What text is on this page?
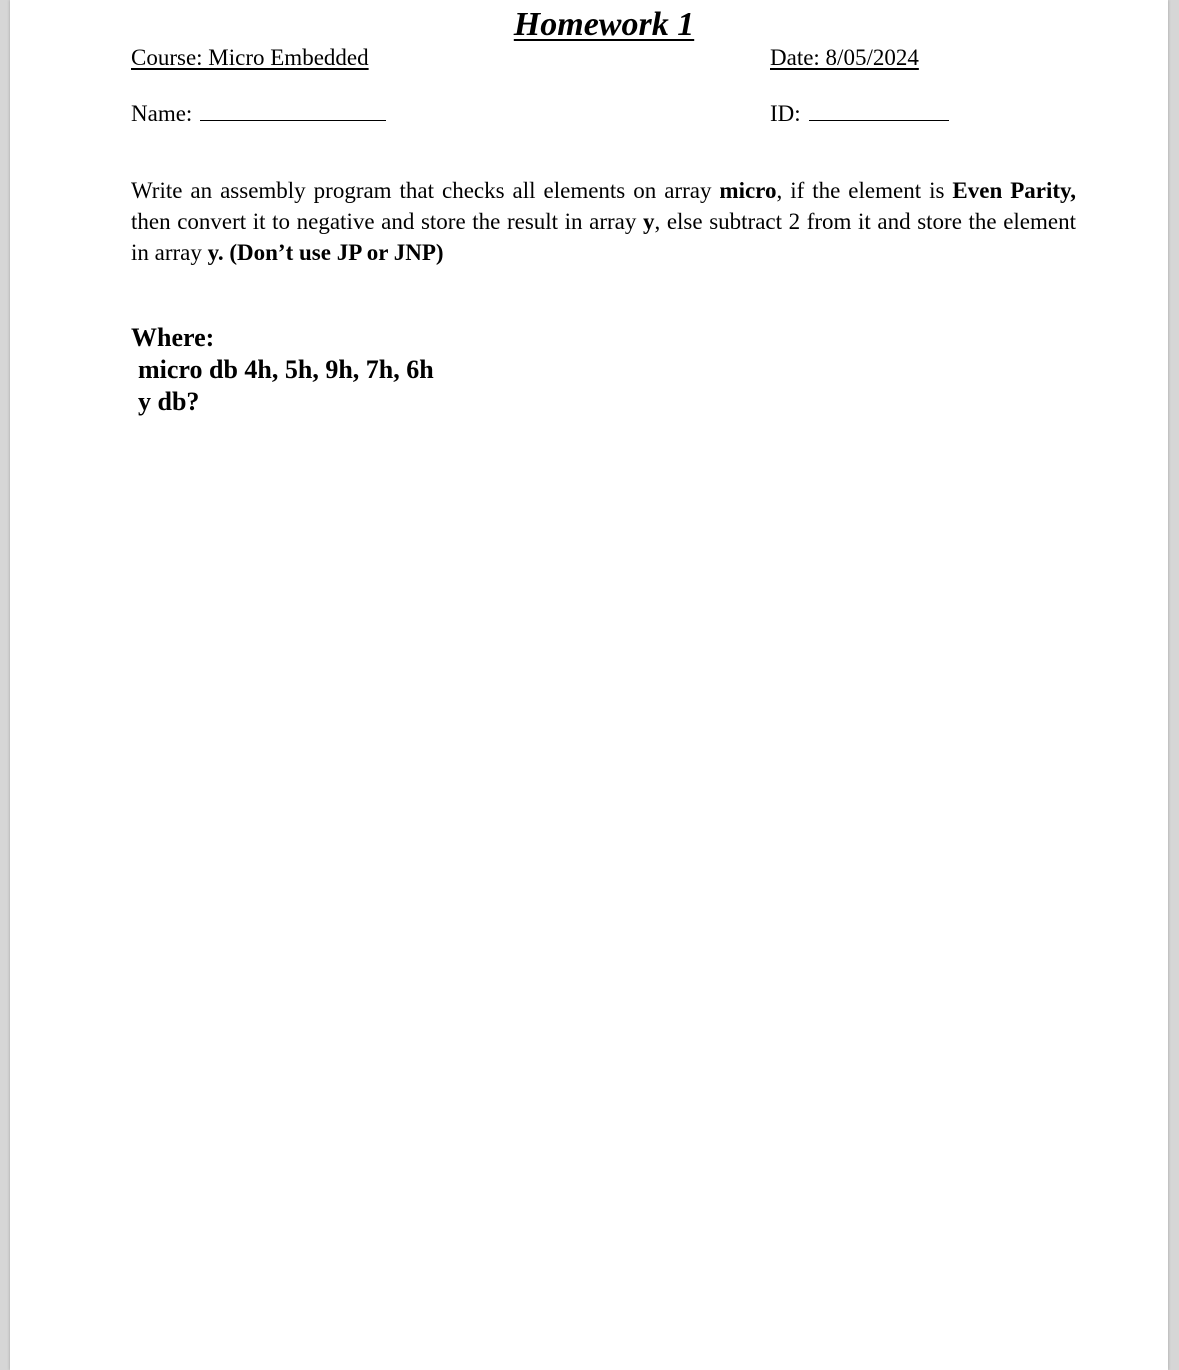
Homework 1
Course: Micro Embedded	Date: 8/05/2024
Name:	ID:

Write an assembly program that checks all elements on array micro, if the element is Even Parity, then convert it to negative and store the result in array y, else subtract 2 from it and store the element in array y. (Don’t use JP or JNP)

Where:
micro db 4h, 5h, 9h, 7h, 6h
y db?
